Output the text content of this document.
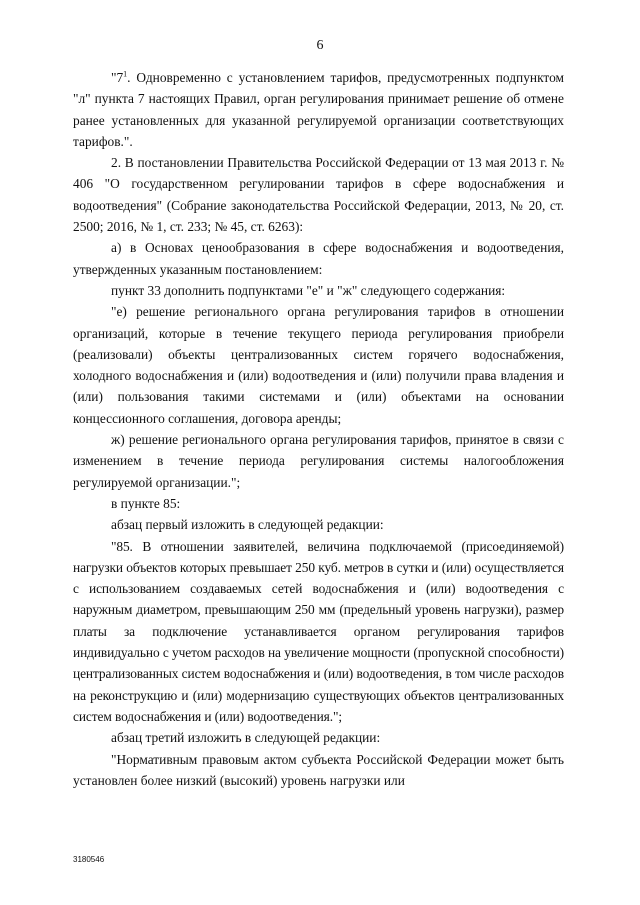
6

"$7^1$. Одновременно с установлением тарифов, предусмотренных подпунктом "л" пункта 7 настоящих Правил, орган регулирования принимает решение об отмене ранее установленных для указанной регулируемой организации соответствующих тарифов.".

2. В постановлении Правительства Российской Федерации от 13 мая 2013 г. № 406 "О государственном регулировании тарифов в сфере водоснабжения и водоотведения" (Собрание законодательства Российской Федерации, 2013, № 20, ст. 2500; 2016, № 1, ст. 233; № 45, ст. 6263):

а) в Основах ценообразования в сфере водоснабжения и водоотведения, утвержденных указанным постановлением:

пункт 33 дополнить подпунктами "е" и "ж" следующего содержания:

"е) решение регионального органа регулирования тарифов в отношении организаций, которые в течение текущего периода регулирования приобрели (реализовали) объекты централизованных систем горячего водоснабжения, холодного водоснабжения и (или) водоотведения и (или) получили права владения и (или) пользования такими системами и (или) объектами на основании концессионного соглашения, договора аренды;

ж) решение регионального органа регулирования тарифов, принятое в связи с изменением в течение периода регулирования системы налогообложения регулируемой организации.";

в пункте 85:

абзац первый изложить в следующей редакции:

"85. В отношении заявителей, величина подключаемой (присоединяемой) нагрузки объектов которых превышает 250 куб. метров в сутки и (или) осуществляется с использованием создаваемых сетей водоснабжения и (или) водоотведения с наружным диаметром, превышающим 250 мм (предельный уровень нагрузки), размер платы за подключение устанавливается органом регулирования тарифов индивидуально с учетом расходов на увеличение мощности (пропускной способности) централизованных систем водоснабжения и (или) водоотведения, в том числе расходов на реконструкцию и (или) модернизацию существующих объектов централизованных систем водоснабжения и (или) водоотведения.";

абзац третий изложить в следующей редакции:

"Нормативным правовым актом субъекта Российской Федерации может быть установлен более низкий (высокий) уровень нагрузки или

3180546
